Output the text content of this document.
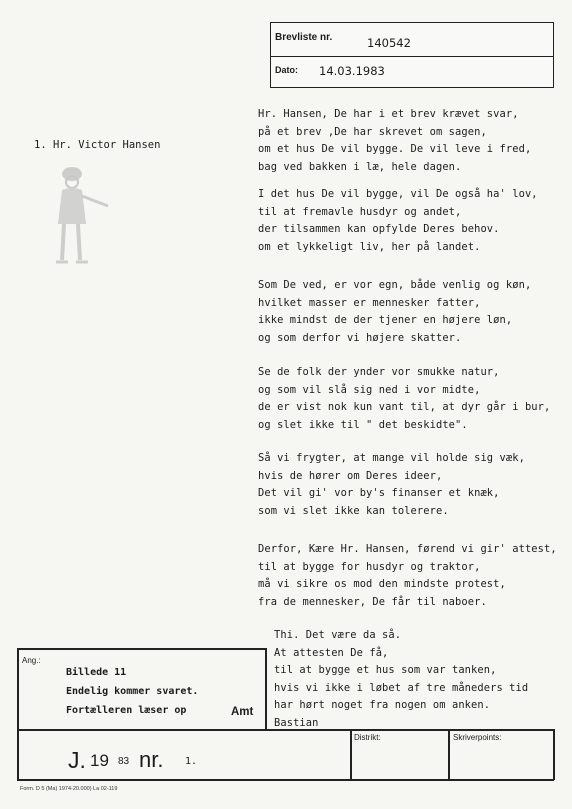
Brevliste nr.	140542
Dato: 14.03.1983
1. Hr. Victor Hansen
Hr. Hansen, De har i et brev krævet svar,
på et brev ,De har skrevet om sagen,
om et hus De vil bygge. De vil leve i fred,
bag ved bakken i læ, hele dagen.
I det hus De vil bygge, vil De også ha' lov,
til at fremavle husdyr og andet,
der tilsammen kan opfylde Deres behov.
om et lykkeligt liv, her på landet.
Som De ved, er vor egn, både venlig og køn,
hvilket masser er mennesker fatter,
ikke mindst de der tjener en højere løn,
og som derfor vi højere skatter.
Se de folk der ynder vor smukke natur,
og som vil slå sig ned i vor midte,
de er vist nok kun vant til, at dyr går i bur,
og slet ikke til " det beskidte".
Så vi frygter, at mange vil holde sig væk,
hvis de hører om Deres ideer,
Det vil gi' vor by's finanser et knæk,
som vi slet ikke kan tolerere.
Derfor, Kære Hr. Hansen, førend vi gir' attest,
til at bygge for husdyr og traktor,
må vi sikre os mod den mindste protest,
fra de mennesker, De får til naboer.
Thi. Det være da så.
At attesten De få,
til at bygge et hus som var tanken,
hvis vi ikke i løbet af tre måneders tid
har hørt noget fra nogen om anken.
Bastian
Ang.:
Billede 11
Endelig kommer svaret.
Fortælleren læser op	Amt
Distrikt:	Skriverpoints:
J. 19 83 nr. 1.
Form. D 5 (Ma) 1974-20.000) La 02-119
